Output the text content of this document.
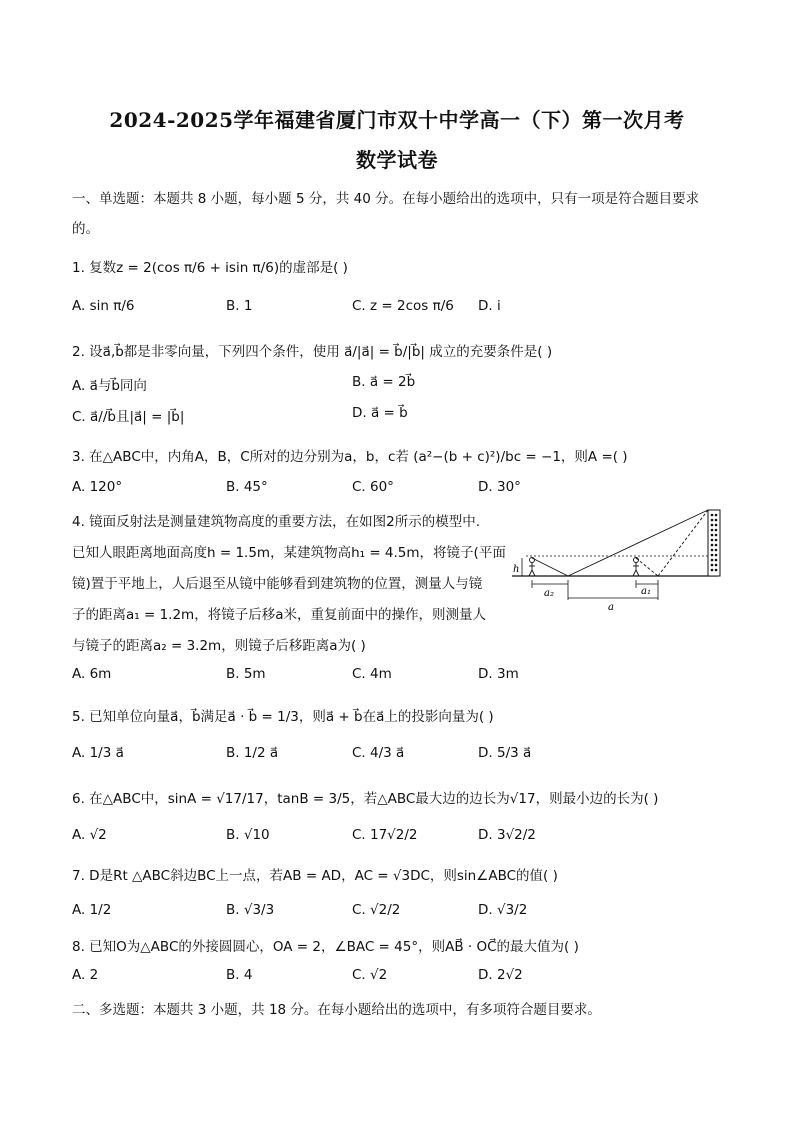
2024-2025学年福建省厦门市双十中学高一（下）第一次月考
数学试卷
一、单选题：本题共 8 小题，每小题 5 分，共 40 分。在每小题给出的选项中，只有一项是符合题目要求
的。
1. 复数z = 2(cos π/6 + isin π/6)的虚部是( )
A. sin π/6	B. 1	C. z = 2cos π/6 D. i
2. 设a⃗,b⃗都是非零向量，下列四个条件，使用 a⃗/|a⃗| = b⃗/|b⃗| 成立的充要条件是( )
A. a⃗与b⃗同向	B. a⃗ = 2b⃗
C. a⃗//b⃗且|a⃗| = |b⃗|	D. a⃗ = b⃗
3. 在△ABC中，内角A，B，C所对的边分别为a，b，c若 (a²−(b + c)²)/bc = −1，则A =( )
A. 120°	B. 45°	C. 60°	D. 30°
4. 镜面反射法是测量建筑物高度的重要方法，在如图2所示的模型中.
已知人眼距离地面高度h = 1.5m，某建筑物高h₁ = 4.5m，将镜子(平面
镜)置于平地上，人后退至从镜中能够看到建筑物的位置，测量人与镜
子的距离a₁ = 1.2m，将镜子后移a米，重复前面中的操作，则测量人
与镜子的距离a₂ = 3.2m，则镜子后移距离a为( )
A. 6m	B. 5m	C. 4m	D. 3m
h
a₂	a₁
a
5. 已知单位向量a⃗，b⃗满足a⃗ · b⃗ = 1/3，则a⃗ + b⃗在a⃗上的投影向量为( )
A. 1/3 a⃗	B. 1/2 a⃗	C. 4/3 a⃗	D. 5/3 a⃗
6. 在△ABC中，sinA = √17/17，tanB = 3/5，若△ABC最大边的边长为√17，则最小边的长为( )
A. √2	B. √10	C. 17√2/2	D. 3√2/2
7. D是Rt △ABC斜边BC上一点，若AB = AD，AC = √3DC，则sin∠ABC的值( )
A. 1/2	B. √3/3	C. √2/2	D. √3/2
8. 已知O为△ABC的外接圆圆心，OA = 2，∠BAC = 45°，则AB⃗ · OC⃗的最大值为( )
A. 2	B. 4	C. √2	D. 2√2
二、多选题：本题共 3 小题，共 18 分。在每小题给出的选项中，有多项符合题目要求。
